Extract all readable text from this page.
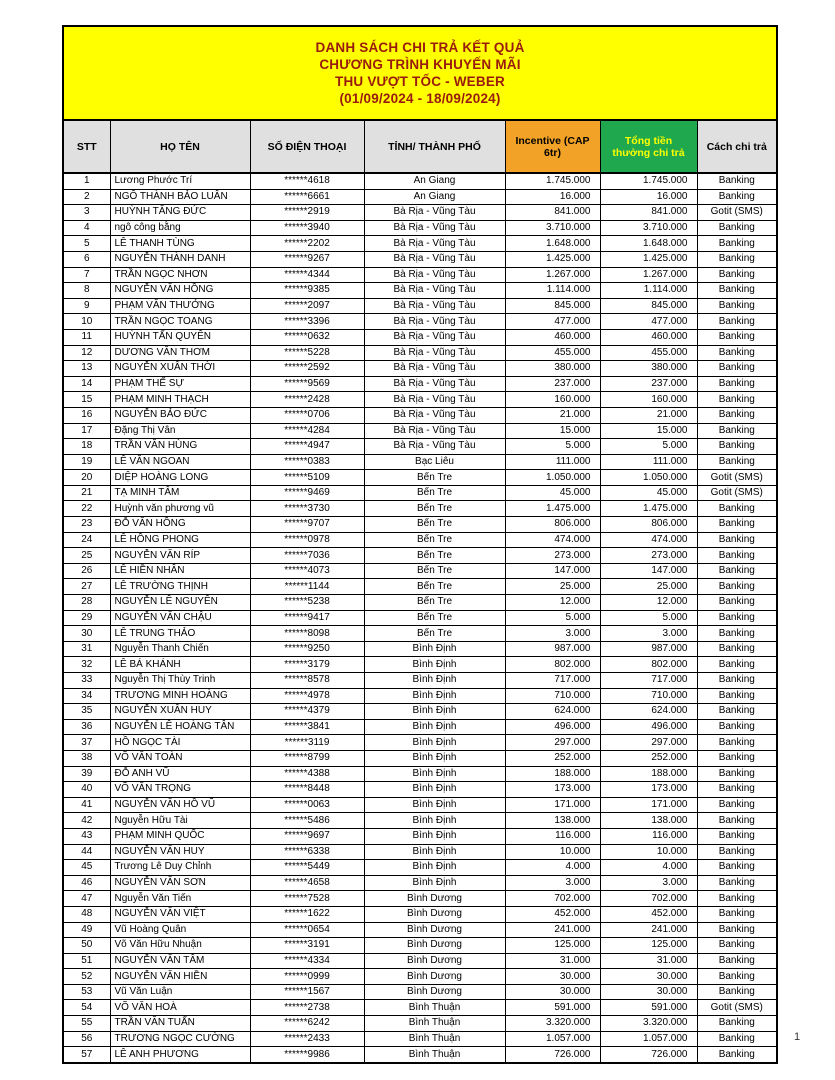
DANH SÁCH CHI TRẢ KẾT QUẢ
CHƯƠNG TRÌNH KHUYẾN MÃI
THU VƯỢT TỐC - WEBER
(01/09/2024 - 18/09/2024)						

STT	HỌ TÊN	SỐ ĐIỆN THOẠI	TỈNH/ THÀNH PHỐ	Incentive (CAP 6tr)	Tổng tiền thưởng chi trả	Cách chi trả
1	Lương Phước Trí	******4618	An Giang	1.745.000	1.745.000	Banking
2	NGÔ THÀNH BẢO LUÂN	******6661	An Giang	16.000	16.000	Banking
3	HUỲNH TĂNG ĐỨC	******2919	Bà Rịa - Vũng Tàu	841.000	841.000	Gotit (SMS)
4	ngô công bằng	******3940	Bà Rịa - Vũng Tàu	3.710.000	3.710.000	Banking
5	LÊ THANH TÙNG	******2202	Bà Rịa - Vũng Tàu	1.648.000	1.648.000	Banking
6	NGUYỄN THÀNH DANH	******9267	Bà Rịa - Vũng Tàu	1.425.000	1.425.000	Banking
7	TRẦN NGỌC NHƠN	******4344	Bà Rịa - Vũng Tàu	1.267.000	1.267.000	Banking
8	NGUYỄN VĂN HỒNG	******9385	Bà Rịa - Vũng Tàu	1.114.000	1.114.000	Banking
9	PHẠM VĂN THƯỞNG	******2097	Bà Rịa - Vũng Tàu	845.000	845.000	Banking
10	TRẦN NGỌC TOANG	******3396	Bà Rịa - Vũng Tàu	477.000	477.000	Banking
11	HUỲNH TẤN QUYÊN	******0632	Bà Rịa - Vũng Tàu	460.000	460.000	Banking
12	DƯƠNG VĂN THƠM	******5228	Bà Rịa - Vũng Tàu	455.000	455.000	Banking
13	NGUYỄN XUÂN THỜI	******2592	Bà Rịa - Vũng Tàu	380.000	380.000	Banking
14	PHẠM THẾ SỰ	******9569	Bà Rịa - Vũng Tàu	237.000	237.000	Banking
15	PHẠM MINH THẠCH	******2428	Bà Rịa - Vũng Tàu	160.000	160.000	Banking
16	NGUYỄN BẢO ĐỨC	******0706	Bà Rịa - Vũng Tàu	21.000	21.000	Banking
17	Đặng Thị Vân	******4284	Bà Rịa - Vũng Tàu	15.000	15.000	Banking
18	TRẦN VĂN HÙNG	******4947	Bà Rịa - Vũng Tàu	5.000	5.000	Banking
19	LÊ VĂN NGOAN	******0383	Bạc Liêu	111.000	111.000	Banking
20	DIỆP HOÀNG LONG	******5109	Bến Tre	1.050.000	1.050.000	Gotit (SMS)
21	TẠ MINH TÂM	******9469	Bến Tre	45.000	45.000	Gotit (SMS)
22	Huỳnh văn phương vũ	******3730	Bến Tre	1.475.000	1.475.000	Banking
23	ĐỖ VĂN HỒNG	******9707	Bến Tre	806.000	806.000	Banking
24	LÊ HỒNG PHONG	******0978	Bến Tre	474.000	474.000	Banking
25	NGUYỄN VĂN RÍP	******7036	Bến Tre	273.000	273.000	Banking
26	LÊ HIỀN NHÂN	******4073	Bến Tre	147.000	147.000	Banking
27	LÊ TRƯỜNG THỊNH	******1144	Bến Tre	25.000	25.000	Banking
28	NGUYỄN LÊ NGUYÊN	******5238	Bến Tre	12.000	12.000	Banking
29	NGUYỄN VĂN CHẬU	******9417	Bến Tre	5.000	5.000	Banking
30	LÊ TRUNG THẢO	******8098	Bến Tre	3.000	3.000	Banking
31	Nguyễn Thanh Chiến	******9250	Bình Định	987.000	987.000	Banking
32	LÊ BÁ KHÁNH	******3179	Bình Định	802.000	802.000	Banking
33	Nguyễn Thị Thùy Trinh	******8578	Bình Định	717.000	717.000	Banking
34	TRƯƠNG MINH HOÀNG	******4978	Bình Định	710.000	710.000	Banking
35	NGUYỄN XUÂN HUY	******4379	Bình Định	624.000	624.000	Banking
36	NGUYỄN LÊ HOÀNG TÂN	******3841	Bình Định	496.000	496.000	Banking
37	HỒ NGỌC TÀI	******3119	Bình Định	297.000	297.000	Banking
38	VÕ VĂN TOÀN	******8799	Bình Định	252.000	252.000	Banking
39	ĐỖ ANH VŨ	******4388	Bình Định	188.000	188.000	Banking
40	VÕ VĂN TRỌNG	******8448	Bình Định	173.000	173.000	Banking
41	NGUYỄN VĂN HỒ VŨ	******0063	Bình Định	171.000	171.000	Banking
42	Nguyễn Hữu Tài	******5486	Bình Định	138.000	138.000	Banking
43	PHẠM MINH QUỐC	******9697	Bình Định	116.000	116.000	Banking
44	NGUYỄN VĂN HUY	******6338	Bình Định	10.000	10.000	Banking
45	Trương Lê Duy Chỉnh	******5449	Bình Định	4.000	4.000	Banking
46	NGUYỄN VĂN SƠN	******4658	Bình Định	3.000	3.000	Banking
47	Nguyễn Văn Tiến	******7528	Bình Dương	702.000	702.000	Banking
48	NGUYỄN VĂN VIỆT	******1622	Bình Dương	452.000	452.000	Banking
49	Vũ Hoàng Quân	******0654	Bình Dương	241.000	241.000	Banking
50	Võ Văn Hữu Nhuận	******3191	Bình Dương	125.000	125.000	Banking
51	NGUYỄN VĂN TÂM	******4334	Bình Dương	31.000	31.000	Banking
52	NGUYỄN VĂN HIỀN	******0999	Bình Dương	30.000	30.000	Banking
53	Vũ Văn Luận	******1567	Bình Dương	30.000	30.000	Banking
54	VÕ VĂN HOÀ	******2738	Bình Thuận	591.000	591.000	Gotit (SMS)
55	TRẦN VĂN TUẤN	******6242	Bình Thuận	3.320.000	3.320.000	Banking
56	TRƯƠNG NGỌC CƯỜNG	******2433	Bình Thuận	1.057.000	1.057.000	Banking
57	LÊ ANH PHƯƠNG	******9986	Bình Thuận	726.000	726.000	Banking
1
